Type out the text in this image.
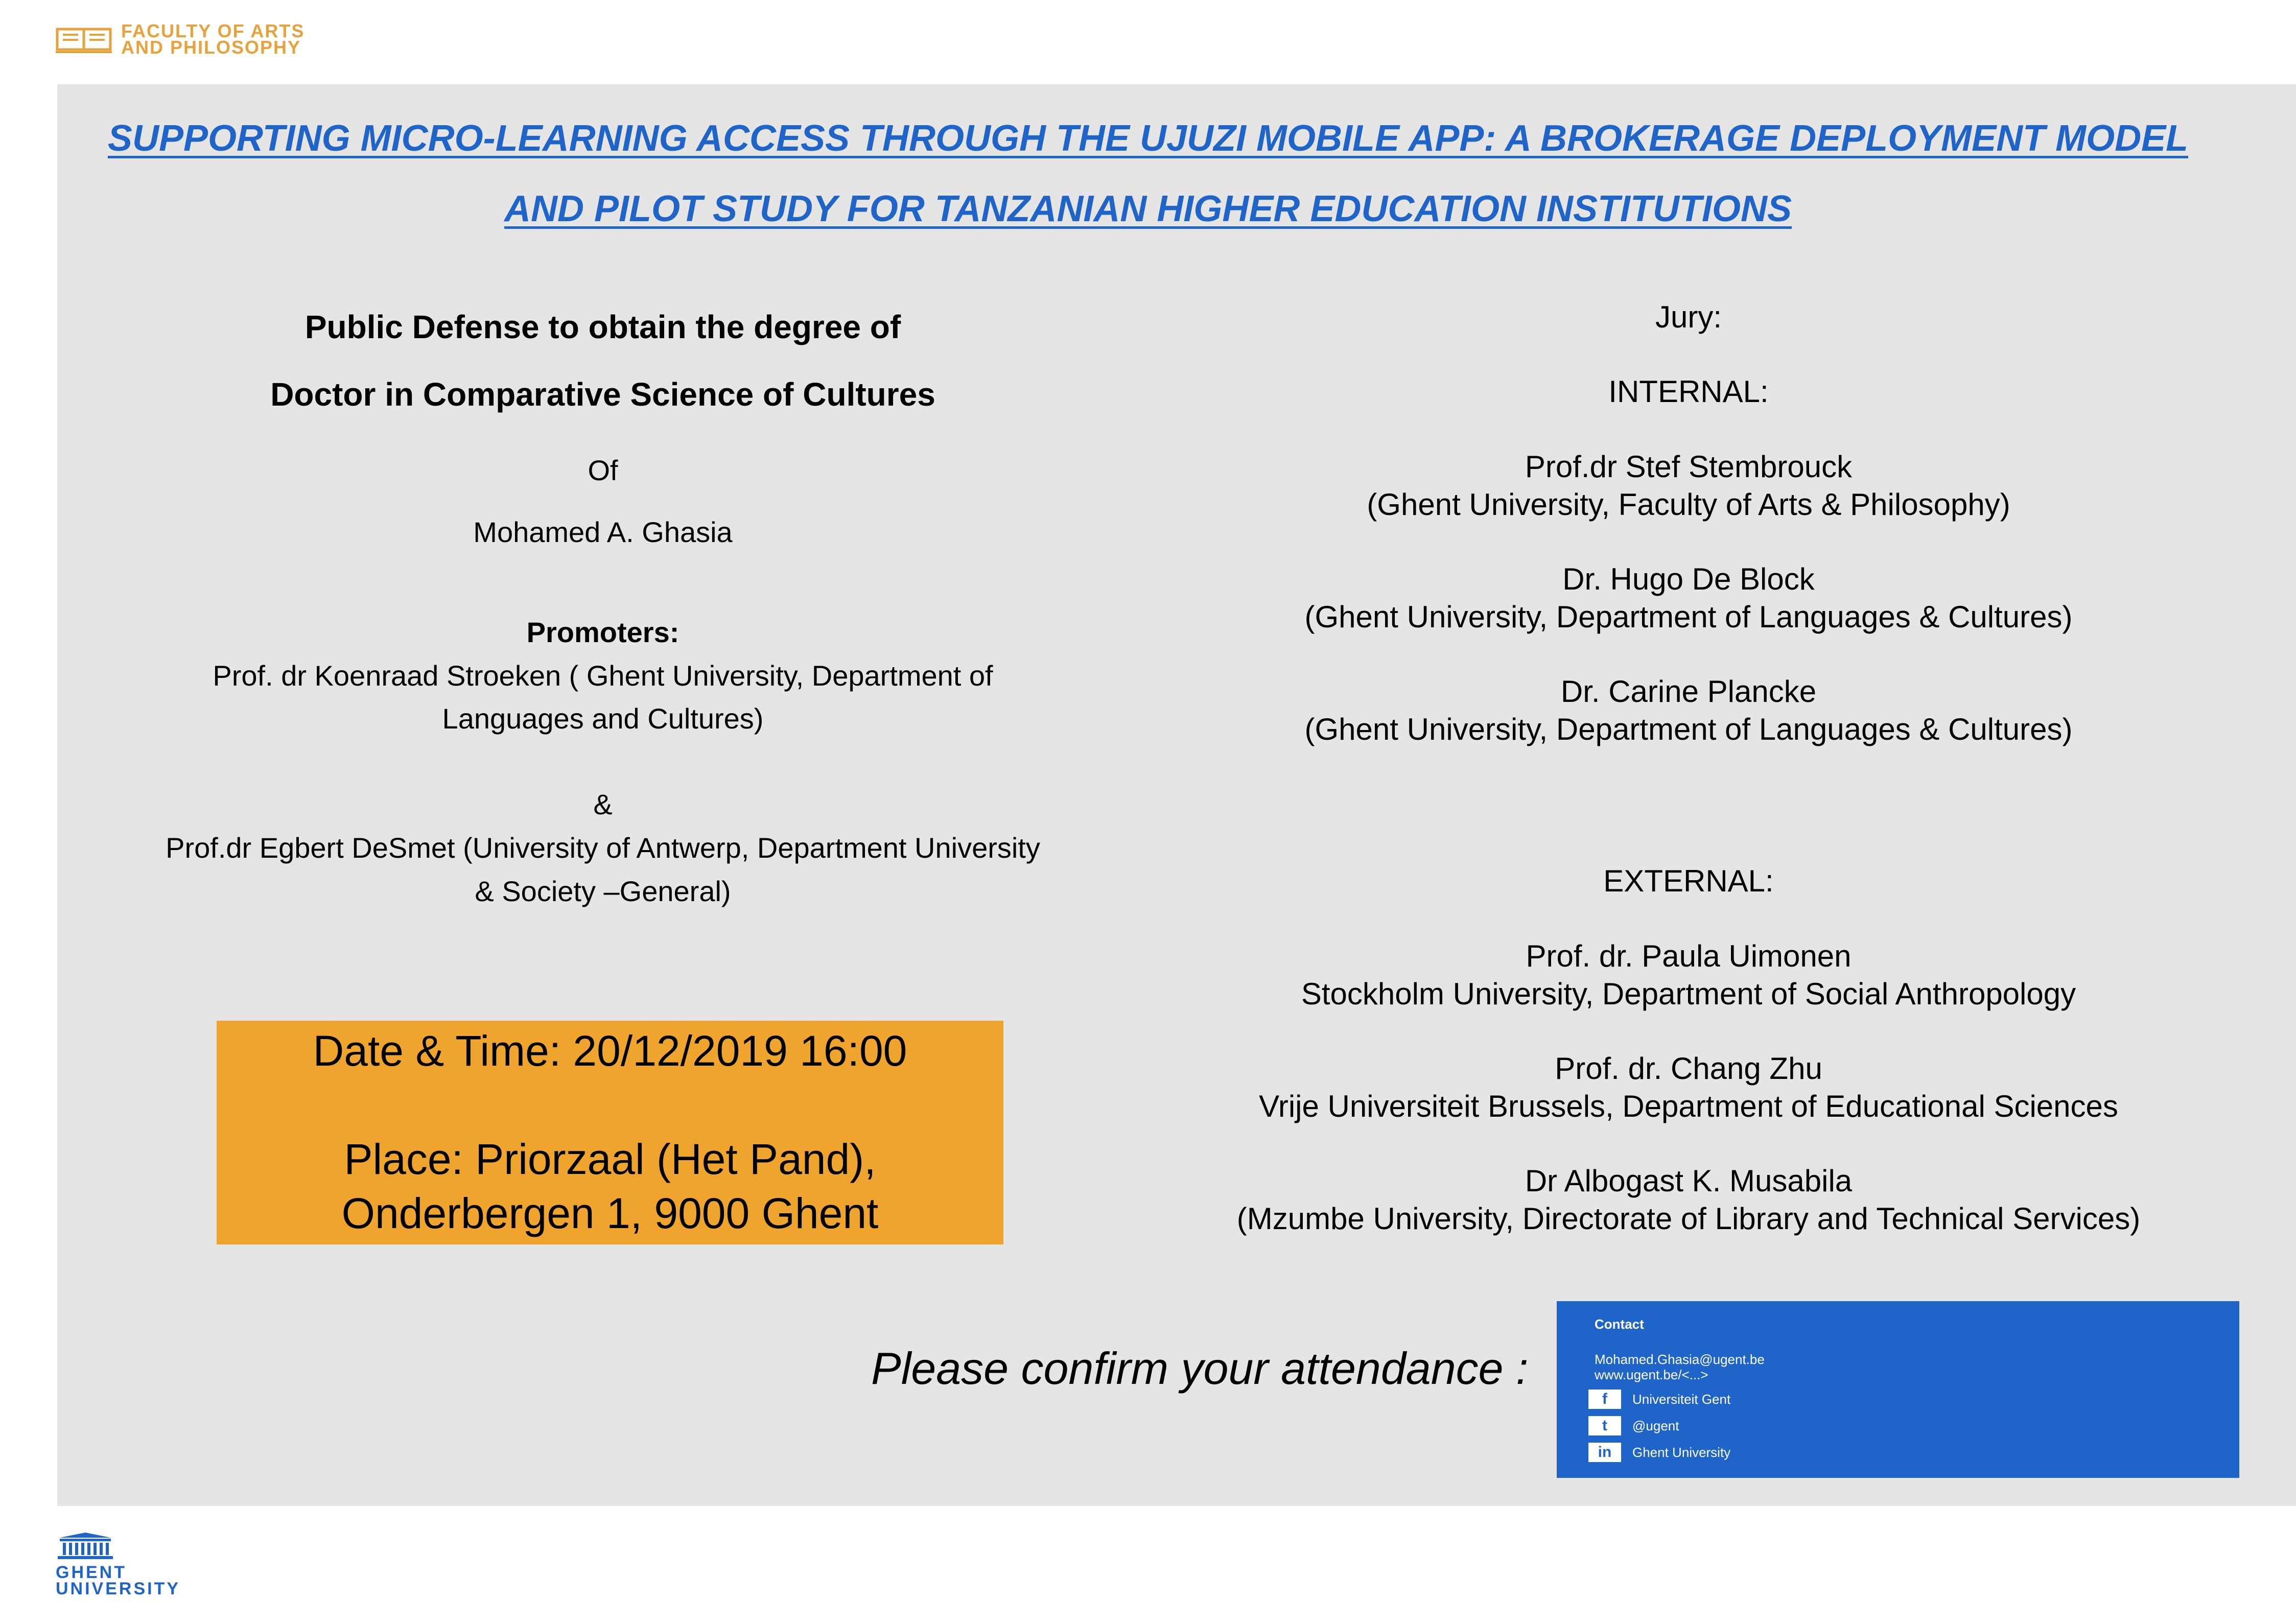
FACULTY OF ARTS
AND PHILOSOPHY
SUPPORTING MICRO-LEARNING ACCESS THROUGH THE UJUZI MOBILE APP: A BROKERAGE DEPLOYMENT MODEL
AND PILOT STUDY FOR TANZANIAN HIGHER EDUCATION INSTITUTIONS
Public Defense to obtain the degree of
Doctor in Comparative Science of Cultures
Of
Mohamed A. Ghasia
Promoters:
Prof. dr Koenraad Stroeken ( Ghent University, Department of
Languages and Cultures)
&
Prof.dr Egbert DeSmet (University of Antwerp, Department University
& Society –General)
Date & Time: 20/12/2019 16:00
Place: Priorzaal (Het Pand),
Onderbergen 1, 9000 Ghent
Jury:
INTERNAL:
Prof.dr Stef Stembrouck
(Ghent University, Faculty of Arts & Philosophy)
Dr. Hugo De Block
(Ghent University, Department of Languages & Cultures)
Dr. Carine Plancke
(Ghent University, Department of Languages & Cultures)
EXTERNAL:
Prof. dr. Paula Uimonen
Stockholm University, Department of Social Anthropology
Prof. dr. Chang Zhu
Vrije Universiteit Brussels, Department of Educational Sciences
Dr Albogast K. Musabila
(Mzumbe University, Directorate of Library and Technical Services)
Please confirm your attendance :
Contact
Mohamed.Ghasia@ugent.be
www.ugent.be/<...>
f	Universiteit Gent
t	@ugent
in	Ghent University
GHENT
UNIVERSITY
